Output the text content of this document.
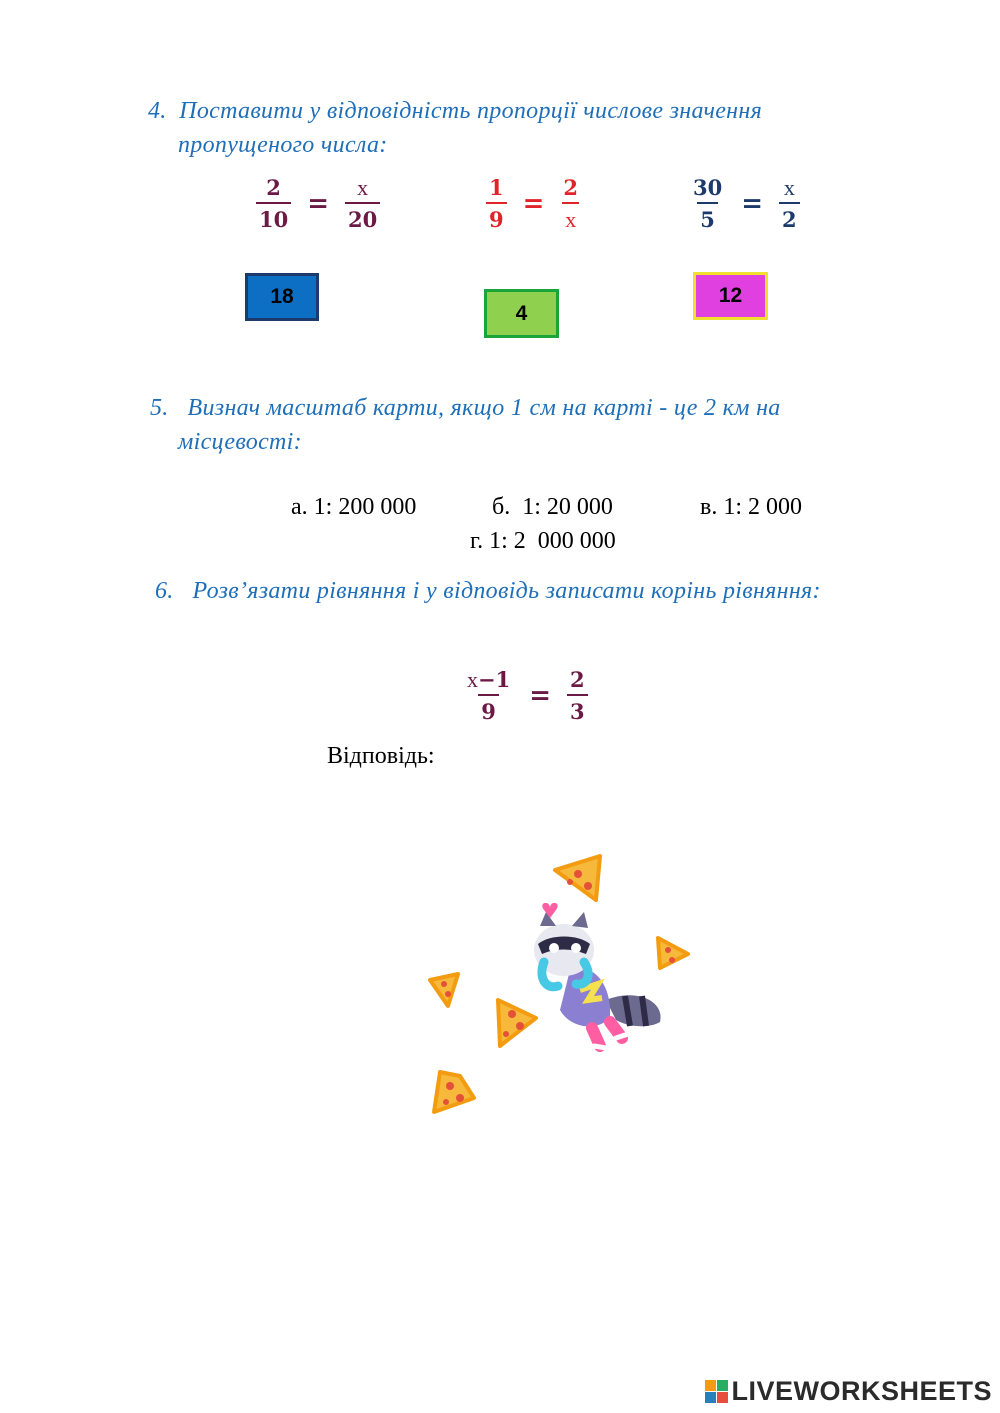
4. Поставити у відповідність пропорції числове значення
пропущеного числа:
$\frac{2}{10} = \frac{x}{20}$	$\frac{1}{9} = \frac{2}{x}$	$\frac{30}{5} = \frac{x}{2}$
18
4
12
5. Визнач масштаб карти, якщо 1 см на карті - це 2 км на
місцевості:
а. 1: 200 000	б.  1: 20 000	в. 1: 2 000
г. 1: 2  000 000
6. Розв’язати рівняння і у відповідь записати корінь рівняння:
$\frac{x-1}{9} = \frac{2}{3}$
Відповідь:
LIVEWORKSHEETS
